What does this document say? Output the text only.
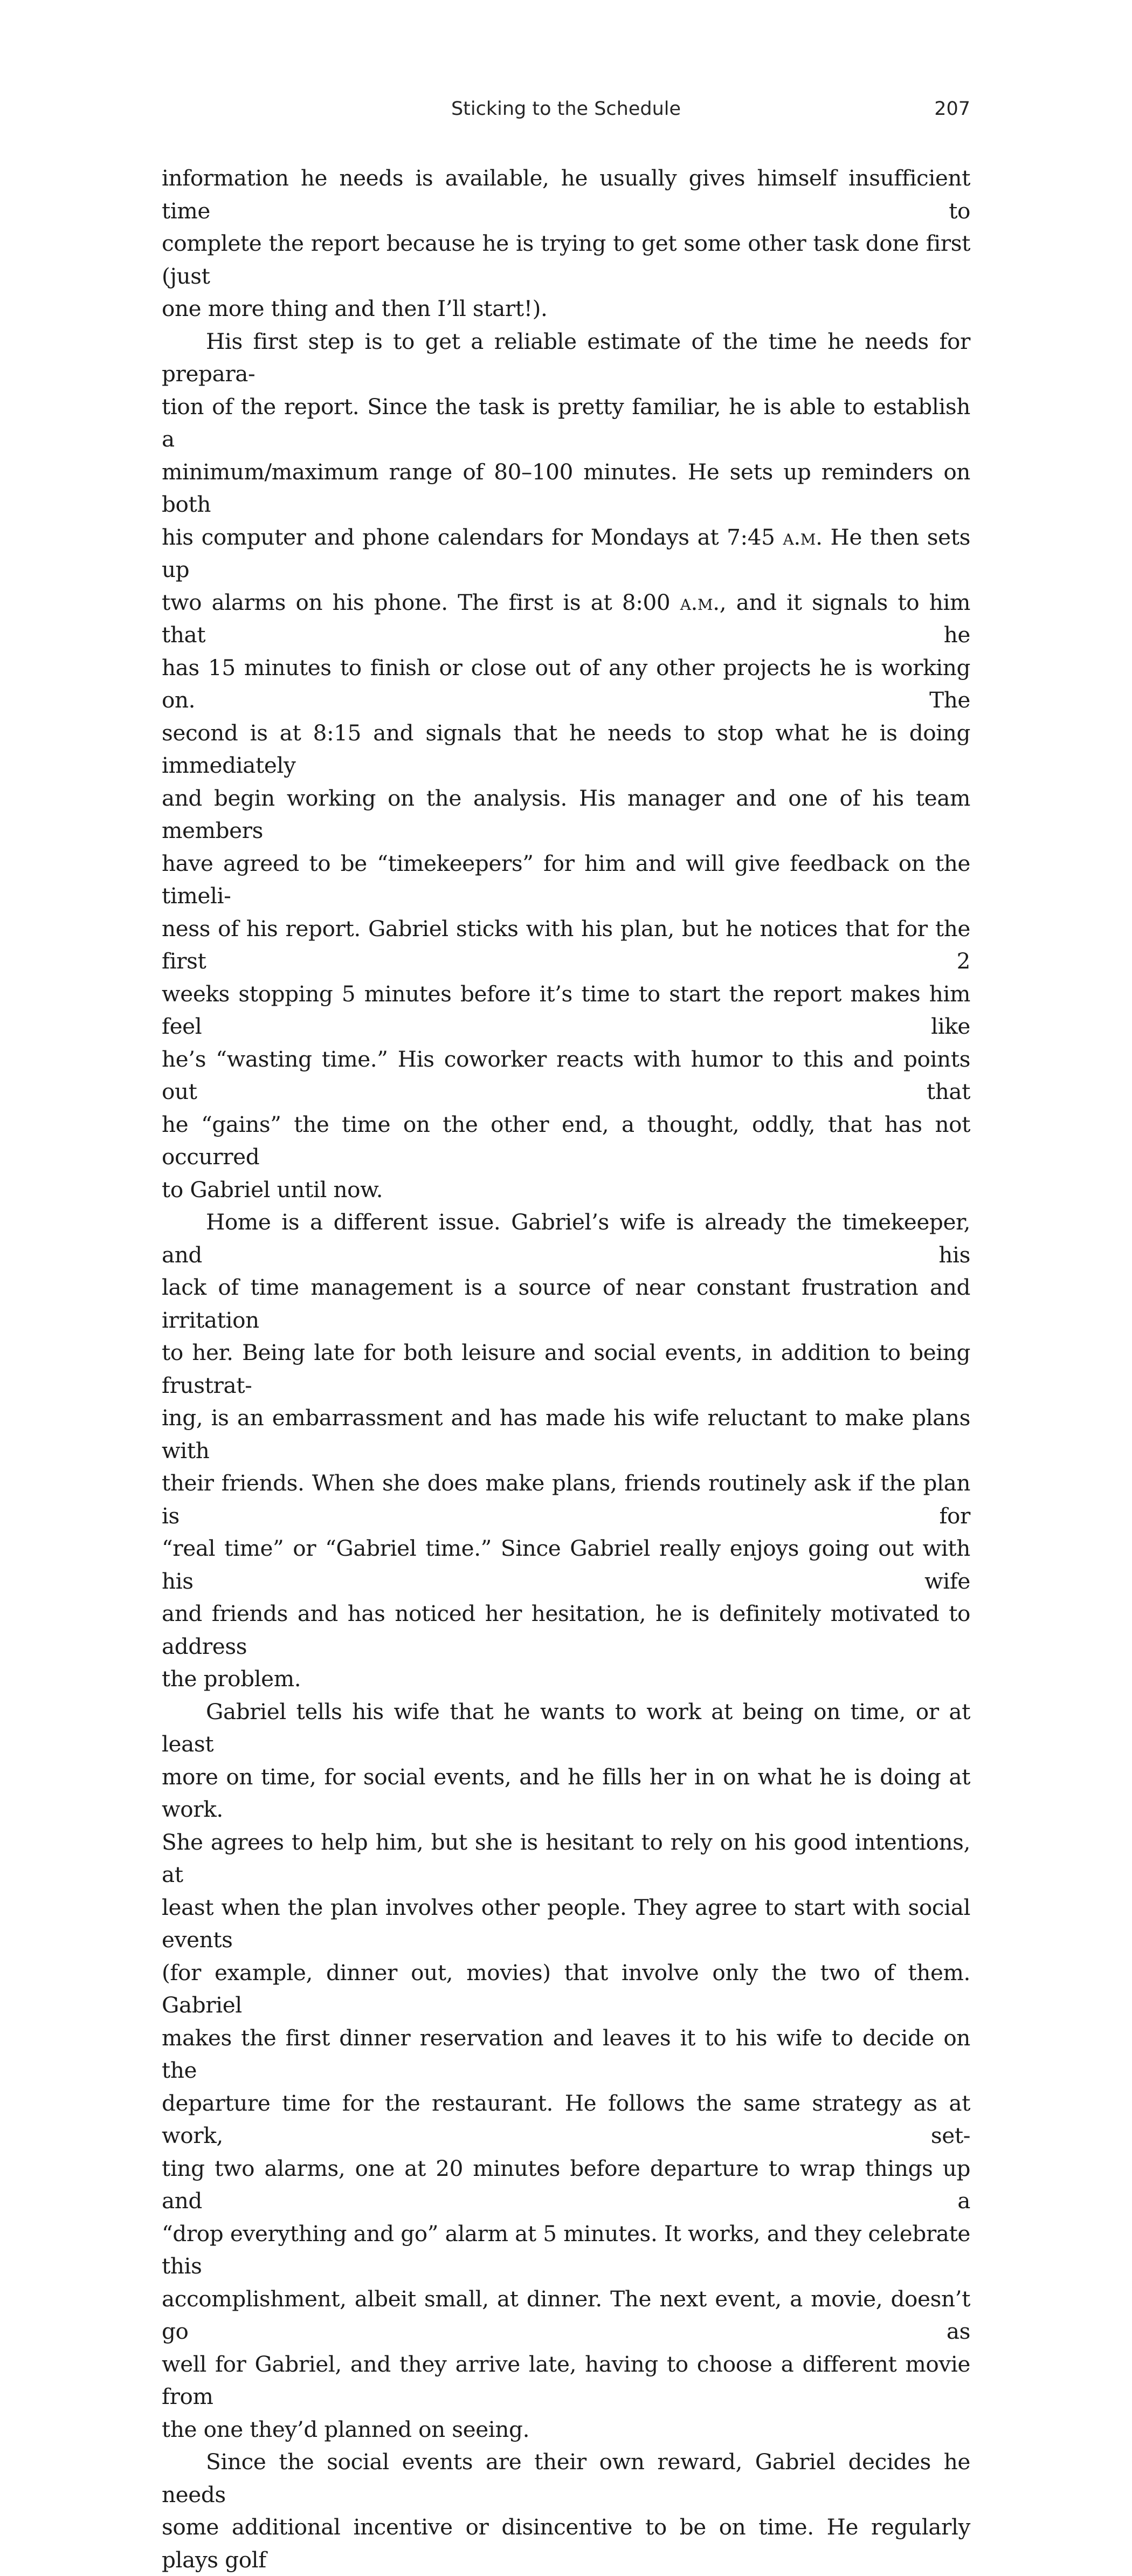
Sticking to the Schedule	207

information he needs is available, he usually gives himself insufficient time to

complete the report because he is trying to get some other task done first (just

one more thing and then I’ll start!).

His first step is to get a reliable estimate of the time he needs for prepara-

tion of the report. Since the task is pretty familiar, he is able to establish a

minimum/maximum range of 80–100 minutes. He sets up reminders on both

his computer and phone calendars for Mondays at 7:45 a.m. He then sets up

two alarms on his phone. The first is at 8:00 a.m., and it signals to him that he

has 15 minutes to finish or close out of any other projects he is working on. The

second is at 8:15 and signals that he needs to stop what he is doing immediately

and begin working on the analysis. His manager and one of his team members

have agreed to be “timekeepers” for him and will give feedback on the timeli-

ness of his report. Gabriel sticks with his plan, but he notices that for the first 2

weeks stopping 5 minutes before it’s time to start the report makes him feel like

he’s “wasting time.” His coworker reacts with humor to this and points out that

he “gains” the time on the other end, a thought, oddly, that has not occurred

to Gabriel until now.

Home is a different issue. Gabriel’s wife is already the timekeeper, and his

lack of time management is a source of near constant frustration and irritation

to her. Being late for both leisure and social events, in addition to being frustrat-

ing, is an embarrassment and has made his wife reluctant to make plans with

their friends. When she does make plans, friends routinely ask if the plan is for

“real time” or “Gabriel time.” Since Gabriel really enjoys going out with his wife

and friends and has noticed her hesitation, he is definitely motivated to address

the problem.

Gabriel tells his wife that he wants to work at being on time, or at least

more on time, for social events, and he fills her in on what he is doing at work.

She agrees to help him, but she is hesitant to rely on his good intentions, at

least when the plan involves other people. They agree to start with social events

(for example, dinner out, movies) that involve only the two of them. Gabriel

makes the first dinner reservation and leaves it to his wife to decide on the

departure time for the restaurant. He follows the same strategy as at work, set-

ting two alarms, one at 20 minutes before departure to wrap things up and a

“drop everything and go” alarm at 5 minutes. It works, and they celebrate this

accomplishment, albeit small, at dinner. The next event, a movie, doesn’t go as

well for Gabriel, and they arrive late, having to choose a different movie from

the one they’d planned on seeing.

Since the social events are their own reward, Gabriel decides he needs

some additional incentive or disincentive to be on time. He regularly plays golf
